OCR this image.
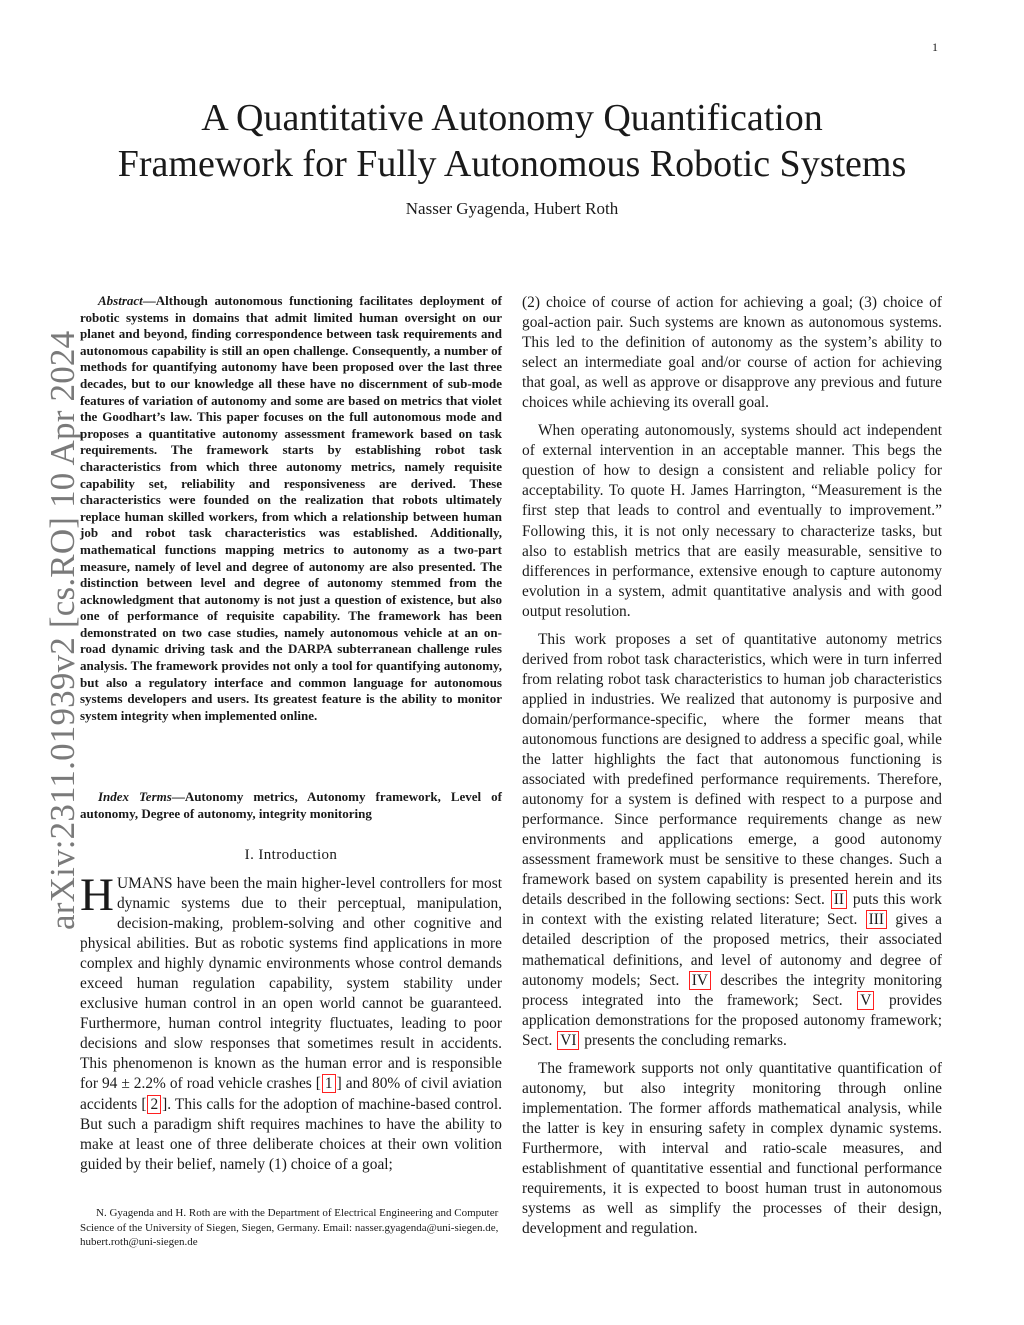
1
arXiv:2311.01939v2 [cs.RO] 10 Apr 2024
A Quantitative Autonomy Quantification
Framework for Fully Autonomous Robotic Systems
Nasser Gyagenda, Hubert Roth
Abstract—Although autonomous functioning facilitates deployment of robotic systems in domains that admit limited human oversight on our planet and beyond, finding correspondence between task requirements and autonomous capability is still an open challenge. Consequently, a number of methods for quantifying autonomy have been proposed over the last three decades, but to our knowledge all these have no discernment of sub-mode features of variation of autonomy and some are based on metrics that violet the Goodhart’s law. This paper focuses on the full autonomous mode and proposes a quantitative autonomy assessment framework based on task requirements. The framework starts by establishing robot task characteristics from which three autonomy metrics, namely requisite capability set, reliability and responsiveness are derived. These characteristics were founded on the realization that robots ultimately replace human skilled workers, from which a relationship between human job and robot task characteristics was established. Additionally, mathematical functions mapping metrics to autonomy as a two-part measure, namely of level and degree of autonomy are also presented. The distinction between level and degree of autonomy stemmed from the acknowledgment that autonomy is not just a question of existence, but also one of performance of requisite capability. The framework has been demonstrated on two case studies, namely autonomous vehicle at an on-road dynamic driving task and the DARPA subterranean challenge rules analysis. The framework provides not only a tool for quantifying autonomy, but also a regulatory interface and common language for autonomous systems developers and users. Its greatest feature is the ability to monitor system integrity when implemented online.
Index Terms—Autonomy metrics, Autonomy framework, Level of autonomy, Degree of autonomy, integrity monitoring
I. Introduction
HUMANS have been the main higher-level controllers for most dynamic systems due to their perceptual, manipulation, decision-making, problem-solving and other cognitive and physical abilities. But as robotic systems find applications in more complex and highly dynamic environments whose control demands exceed human regulation capability, system stability under exclusive human control in an open world cannot be guaranteed. Furthermore, human control integrity fluctuates, leading to poor decisions and slow responses that sometimes result in accidents. This phenomenon is known as the human error and is responsible for 94 ± 2.2% of road vehicle crashes [ 1 ] and 80% of civil aviation accidents [ 2 ]. This calls for the adoption of machine-based control. But such a paradigm shift requires machines to have the ability to make at least one of three deliberate choices at their own volition guided by their belief, namely (1) choice of a goal;
N. Gyagenda and H. Roth are with the Department of Electrical Engineering and Computer Science of the University of Siegen, Siegen, Germany. Email: nasser.gyagenda@uni-siegen.de, hubert.roth@uni-siegen.de

(2) choice of course of action for achieving a goal; (3) choice of goal-action pair. Such systems are known as autonomous systems. This led to the definition of autonomy as the system’s ability to select an intermediate goal and/or course of action for achieving that goal, as well as approve or disapprove any previous and future choices while achieving its overall goal.

When operating autonomously, systems should act independent of external intervention in an acceptable manner. This begs the question of how to design a consistent and reliable policy for acceptability. To quote H. James Harrington, “Measurement is the first step that leads to control and eventually to improvement.” Following this, it is not only necessary to characterize tasks, but also to establish metrics that are easily measurable, sensitive to differences in performance, extensive enough to capture autonomy evolution in a system, admit quantitative analysis and with good output resolution.

This work proposes a set of quantitative autonomy metrics derived from robot task characteristics, which were in turn inferred from relating robot task characteristics to human job characteristics applied in industries. We realized that autonomy is purposive and domain/performance-specific, where the former means that autonomous functions are designed to address a specific goal, while the latter highlights the fact that autonomous functioning is associated with predefined performance requirements. Therefore, autonomy for a system is defined with respect to a purpose and performance. Since performance requirements change as new environments and applications emerge, a good autonomy assessment framework must be sensitive to these changes. Such a framework based on system capability is presented herein and its details described in the following sections: Sect. II puts this work in context with the existing related literature; Sect. III gives a detailed description of the proposed metrics, their associated mathematical definitions, and level of autonomy and degree of autonomy models; Sect. IV describes the integrity monitoring process integrated into the framework; Sect. V provides application demonstrations for the proposed autonomy framework; Sect. VI presents the concluding remarks.

The framework supports not only quantitative quantification of autonomy, but also integrity monitoring through online implementation. The former affords mathematical analysis, while the latter is key in ensuring safety in complex dynamic systems. Furthermore, with interval and ratio-scale measures, and establishment of quantitative essential and functional performance requirements, it is expected to boost human trust in autonomous systems as well as simplify the processes of their design, development and regulation.
